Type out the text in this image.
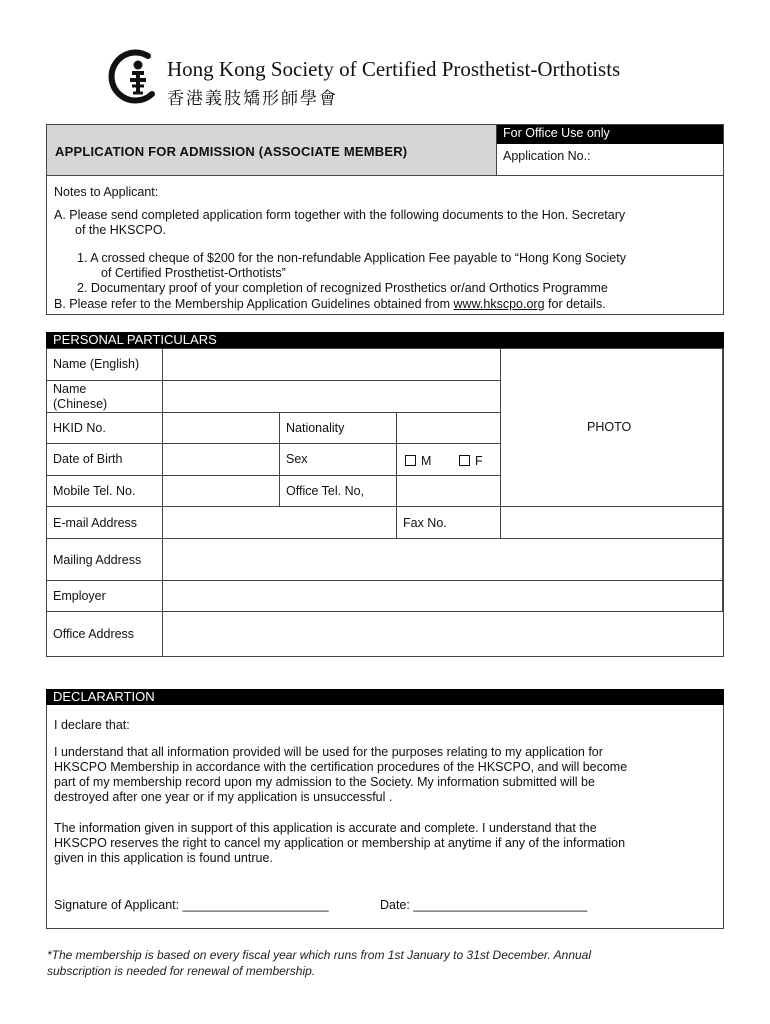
Hong Kong Society of Certified Prosthetist-Orthotists
香港義肢矯形師學會
APPLICATION FOR ADMISSION (ASSOCIATE MEMBER)
For Office Use only
Application No.:
Notes to Applicant:
A. Please send completed application form together with the following documents to the Hon. Secretary
of the HKSCPO.
1. A crossed cheque of $200 for the non-refundable Application Fee payable to “Hong Kong Society
of Certified Prosthetist-Orthotists”
2. Documentary proof of your completion of recognized Prosthetics or/and Orthotics Programme
B. Please refer to the Membership Application Guidelines obtained from www.hkscpo.org for details.
PERSONAL PARTICULARS
Name (English)
Name
(Chinese)
HKID No.	Nationality
Date of Birth	Sex	M	F
Mobile Tel. No.	Office Tel. No,
PHOTO
E-mail Address	Fax No.
Mailing Address
Employer
Office Address
DECLARARTION
I declare that:
I understand that all information provided will be used for the purposes relating to my application for
HKSCPO Membership in accordance with the certification procedures of the HKSCPO, and will become
part of my membership record upon my admission to the Society. My information submitted will be
destroyed after one year or if my application is unsuccessful .
The information given in support of this application is accurate and complete. I understand that the
HKSCPO reserves the right to cancel my application or membership at anytime if any of the information
given in this application is found untrue.
Signature of Applicant: _____________________	Date: _________________________
*The membership is based on every fiscal year which runs from 1st January to 31st December. Annual
subscription is needed for renewal of membership.
